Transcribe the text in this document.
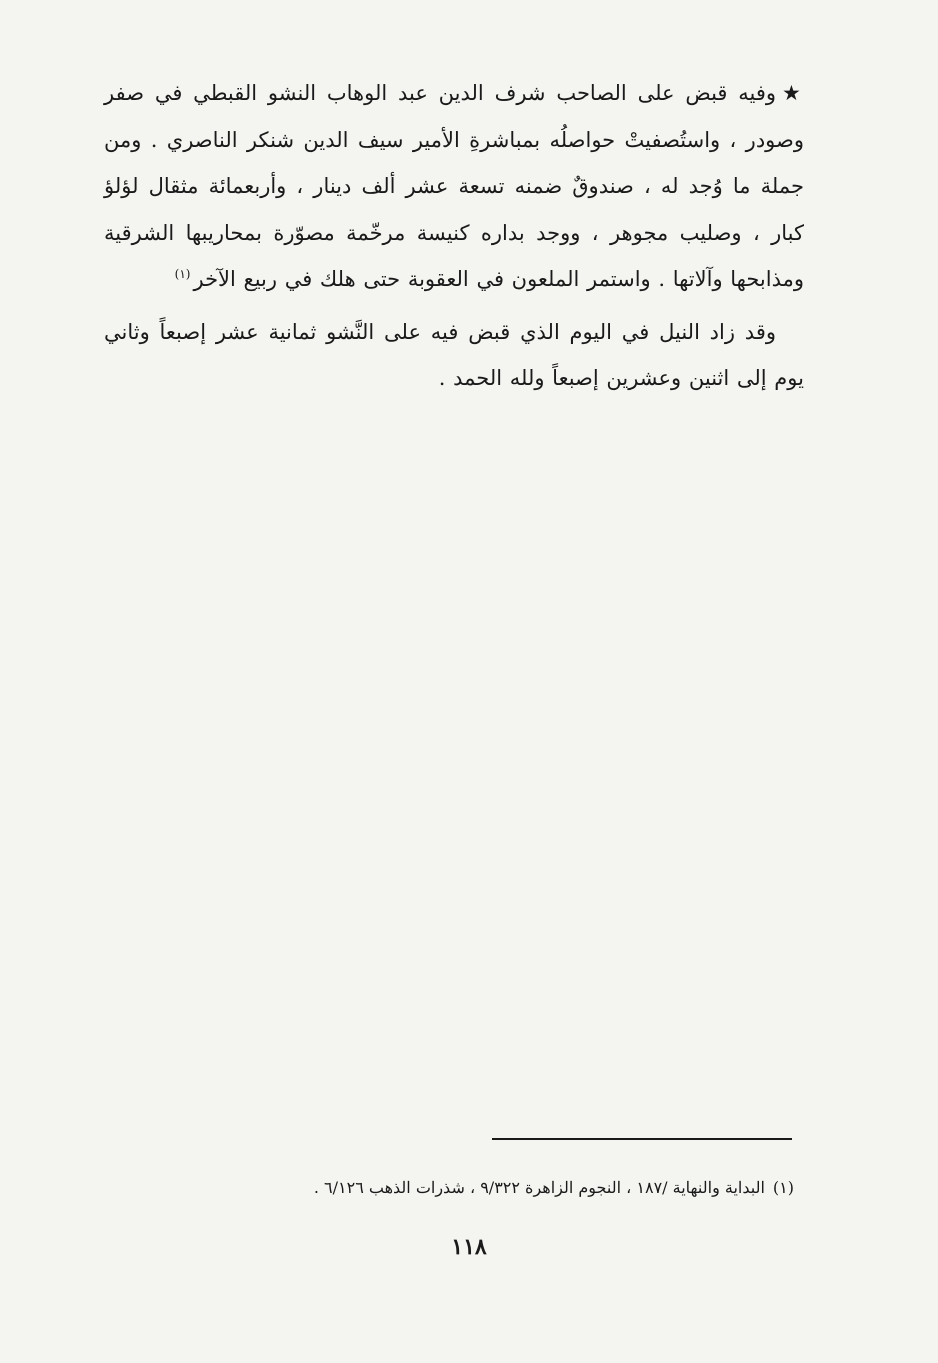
★وفيه قبض على الصاحب شرف الدين عبد الوهاب النشو القبطي في صفر وصودر ، واستُصفيتْ حواصلُه بمباشرةِ الأمير سيف الدين شنكر الناصري . ومن جملة ما وُجد له ، صندوقٌ ضمنه تسعة عشر ألف دينار ، وأربعمائة مثقال لؤلؤ كبار ، وصليب مجوهر ، ووجد بداره كنيسة مرخّمة مصوّرة بمحاريبها الشرقية ومذابحها وآلاتها . واستمر الملعون في العقوبة حتى هلك في ربيع الآخر$^{(١)}$

وقد زاد النيل في اليوم الذي قبض فيه على النَّشو ثمانية عشر إصبعاً وثاني يوم إلى اثنين وعشرين إصبعاً ولله الحمد .

(١)البداية والنهاية /١٨٧ ، النجوم الزاهرة ٩/٣٢٢ ، شذرات الذهب ٦/١٢٦ .

١١٨
